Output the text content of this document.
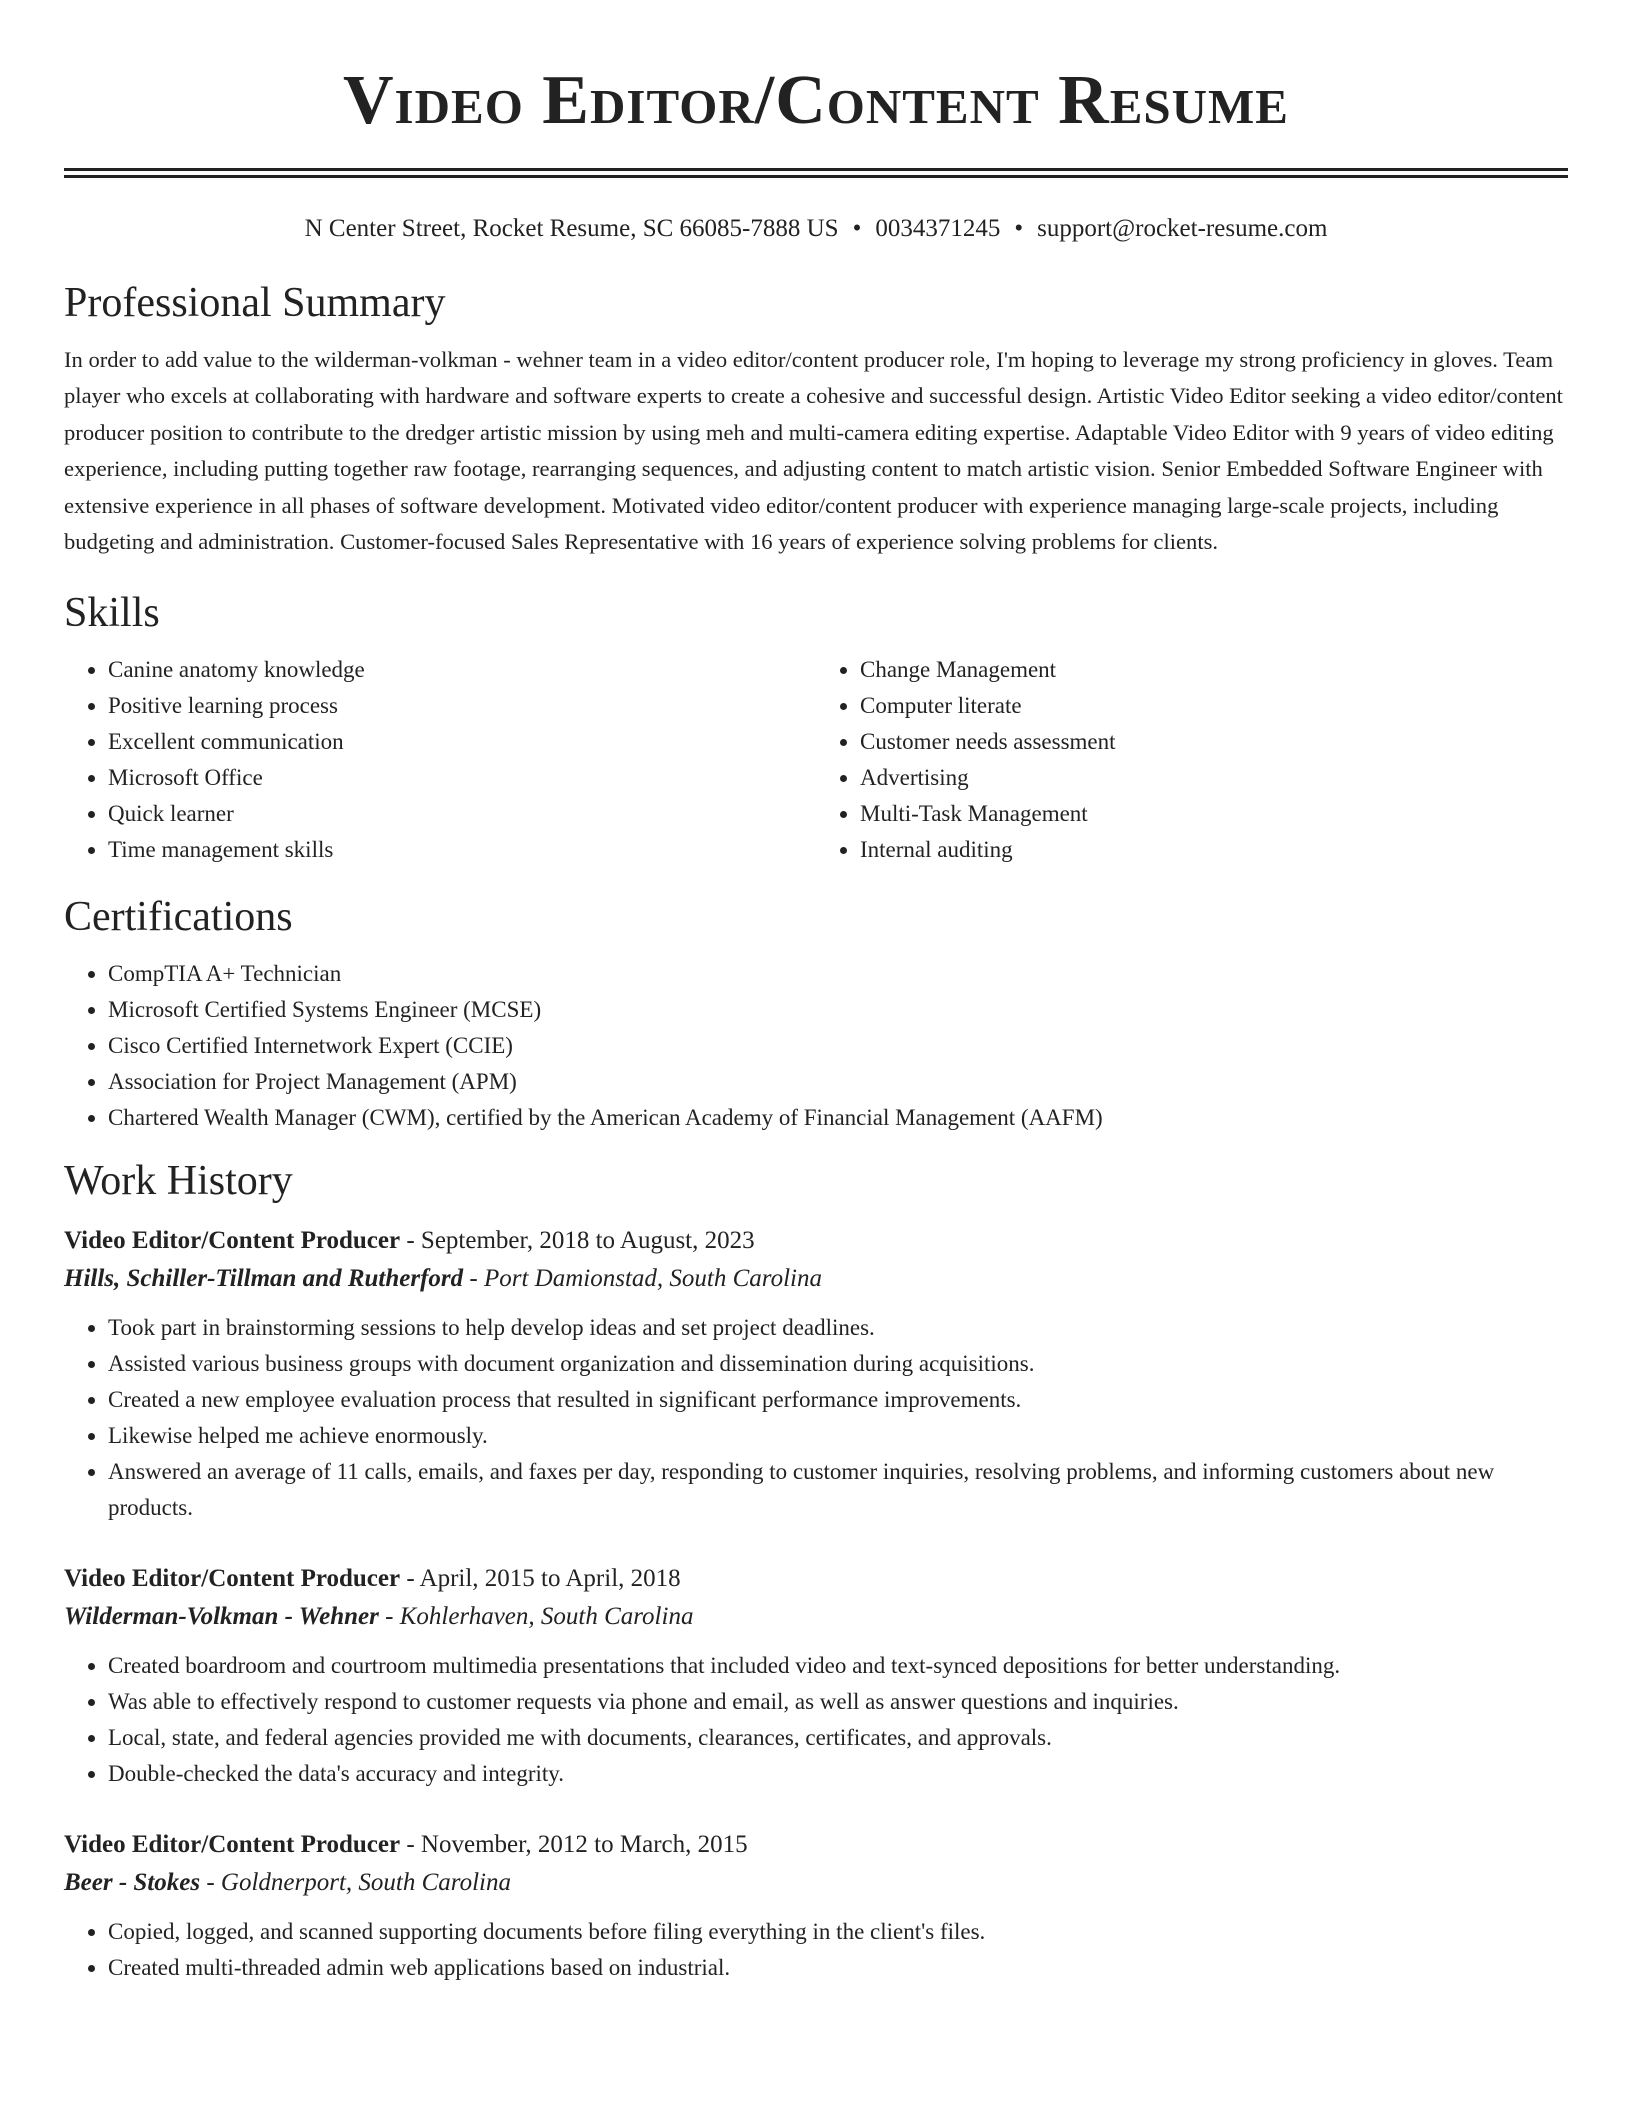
Video Editor/Content Resume
N Center Street, Rocket Resume, SC 66085-7888 US • 0034371245 • support@rocket-resume.com
Professional Summary

In order to add value to the wilderman-volkman - wehner team in a video editor/content producer role, I'm hoping to leverage my strong proficiency in gloves. Team player who excels at collaborating with hardware and software experts to create a cohesive and successful design. Artistic Video Editor seeking a video editor/content producer position to contribute to the dredger artistic mission by using meh and multi-camera editing expertise. Adaptable Video Editor with 9 years of video editing experience, including putting together raw footage, rearranging sequences, and adjusting content to match artistic vision. Senior Embedded Software Engineer with extensive experience in all phases of software development. Motivated video editor/content producer with experience managing large-scale projects, including budgeting and administration. Customer-focused Sales Representative with 16 years of experience solving problems for clients.

Skills
• Canine anatomy knowledge
• Positive learning process
• Excellent communication
• Microsoft Office
• Quick learner
• Time management skills
• Change Management
• Computer literate
• Customer needs assessment
• Advertising
• Multi-Task Management
• Internal auditing
Certifications
• CompTIA A+ Technician
• Microsoft Certified Systems Engineer (MCSE)
• Cisco Certified Internetwork Expert (CCIE)
• Association for Project Management (APM)
• Chartered Wealth Manager (CWM), certified by the American Academy of Financial Management (AAFM)
Work History
Video Editor/Content Producer - September, 2018 to August, 2023
Hills, Schiller-Tillman and Rutherford - Port Damionstad, South Carolina
• Took part in brainstorming sessions to help develop ideas and set project deadlines.
• Assisted various business groups with document organization and dissemination during acquisitions.
• Created a new employee evaluation process that resulted in significant performance improvements.
• Likewise helped me achieve enormously.
• Answered an average of 11 calls, emails, and faxes per day, responding to customer inquiries, resolving problems, and informing customers about new products.
Video Editor/Content Producer - April, 2015 to April, 2018
Wilderman-Volkman - Wehner - Kohlerhaven, South Carolina
• Created boardroom and courtroom multimedia presentations that included video and text-synced depositions for better understanding.
• Was able to effectively respond to customer requests via phone and email, as well as answer questions and inquiries.
• Local, state, and federal agencies provided me with documents, clearances, certificates, and approvals.
• Double-checked the data's accuracy and integrity.
Video Editor/Content Producer - November, 2012 to March, 2015
Beer - Stokes - Goldnerport, South Carolina
• Copied, logged, and scanned supporting documents before filing everything in the client's files.
• Created multi-threaded admin web applications based on industrial.
